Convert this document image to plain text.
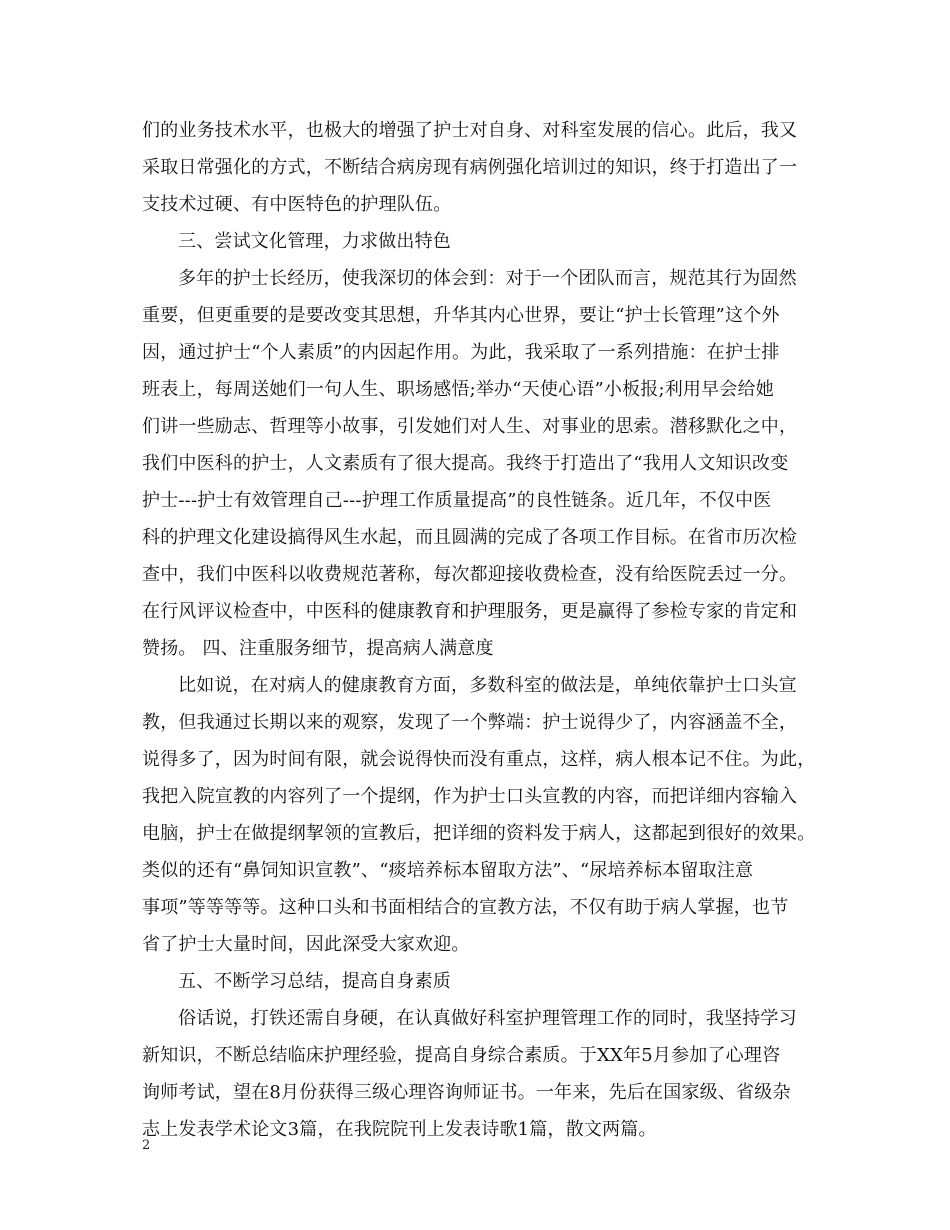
们的业务技术水平，也极大的增强了护士对自身、对科室发展的信心。此后，我又
采取日常强化的方式，不断结合病房现有病例强化培训过的知识，终于打造出了一
支技术过硬、有中医特色的护理队伍。
三、尝试文化管理，力求做出特色
多年的护士长经历，使我深切的体会到：对于一个团队而言，规范其行为固然
重要，但更重要的是要改变其思想，升华其内心世界，要让“护士长管理”这个外
因，通过护士“个人素质”的内因起作用。为此，我采取了一系列措施：在护士排
班表上，每周送她们一句人生、职场感悟;举办“天使心语”小板报;利用早会给她
们讲一些励志、哲理等小故事，引发她们对人生、对事业的思索。潜移默化之中，
我们中医科的护士，人文素质有了很大提高。我终于打造出了“我用人文知识改变
护士---护士有效管理自己---护理工作质量提高”的良性链条。近几年，不仅中医
科的护理文化建设搞得风生水起，而且圆满的完成了各项工作目标。在省市历次检
查中，我们中医科以收费规范著称，每次都迎接收费检查，没有给医院丢过一分。
在行风评议检查中，中医科的健康教育和护理服务，更是赢得了参检专家的肯定和
赞扬。 四、注重服务细节，提高病人满意度
比如说，在对病人的健康教育方面，多数科室的做法是，单纯依靠护士口头宣
教，但我通过长期以来的观察，发现了一个弊端：护士说得少了，内容涵盖不全，
说得多了，因为时间有限，就会说得快而没有重点，这样，病人根本记不住。为此，
我把入院宣教的内容列了一个提纲，作为护士口头宣教的内容，而把详细内容输入
电脑，护士在做提纲挈领的宣教后，把详细的资料发于病人，这都起到很好的效果。
类似的还有“鼻饲知识宣教”、“痰培养标本留取方法”、“尿培养标本留取注意
事项”等等等等。这种口头和书面相结合的宣教方法，不仅有助于病人掌握，也节
省了护士大量时间，因此深受大家欢迎。
五、不断学习总结，提高自身素质
俗话说，打铁还需自身硬，在认真做好科室护理管理工作的同时，我坚持学习
新知识，不断总结临床护理经验，提高自身综合素质。于XX年5月参加了心理咨
询师考试，望在8月份获得三级心理咨询师证书。一年来，先后在国家级、省级杂
志上发表学术论文3篇，在我院院刊上发表诗歌1篇，散文两篇。
2
